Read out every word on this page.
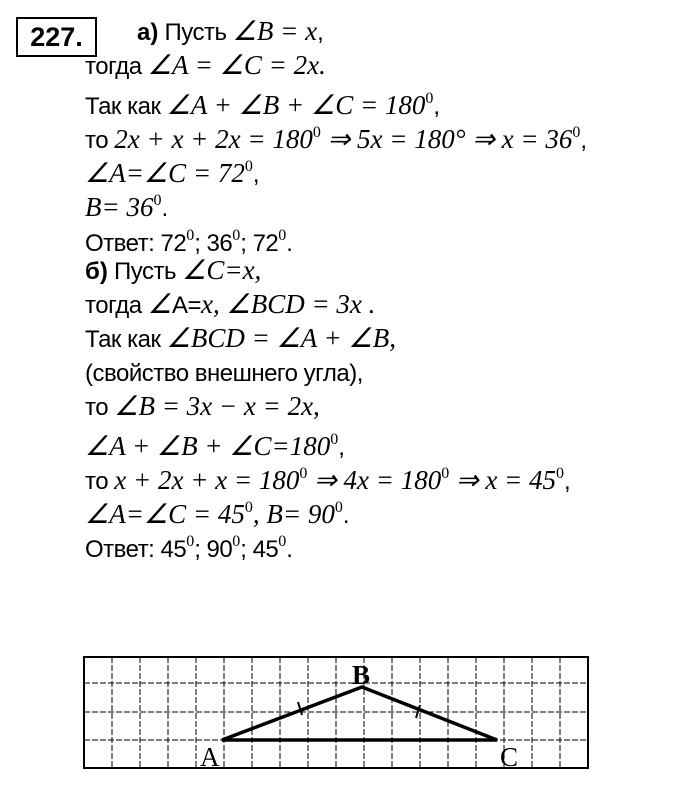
227.	а) Пусть ∠B = x,
тогда ∠A = ∠C = 2x.
Так как ∠A + ∠B + ∠C = $180^0$,
то $2x + x + 2x = 180^0$ ⇒ 5x = 180° ⇒ $x = 36^0$,
∠A=∠C = $72^0$,
$B= 36^0$.
Ответ: $72^0$; $36^0$; $72^0$.
б) Пусть ∠C=x,
тогда ∠A=x, ∠BCD = 3x .
Так как ∠BCD = ∠A + ∠B,
(свойство внешнего угла),
то ∠B = 3x − x = 2x,
∠A + ∠B + $\angle C=180^0$,
то $x + 2x + x = 180^0$ ⇒ $4x = 180^0$ ⇒ $x = 45^0$,
∠A=∠C = $45^0$, $B= 90^0$.
Ответ: $45^0$; $90^0$; $45^0$.
A
B
C
